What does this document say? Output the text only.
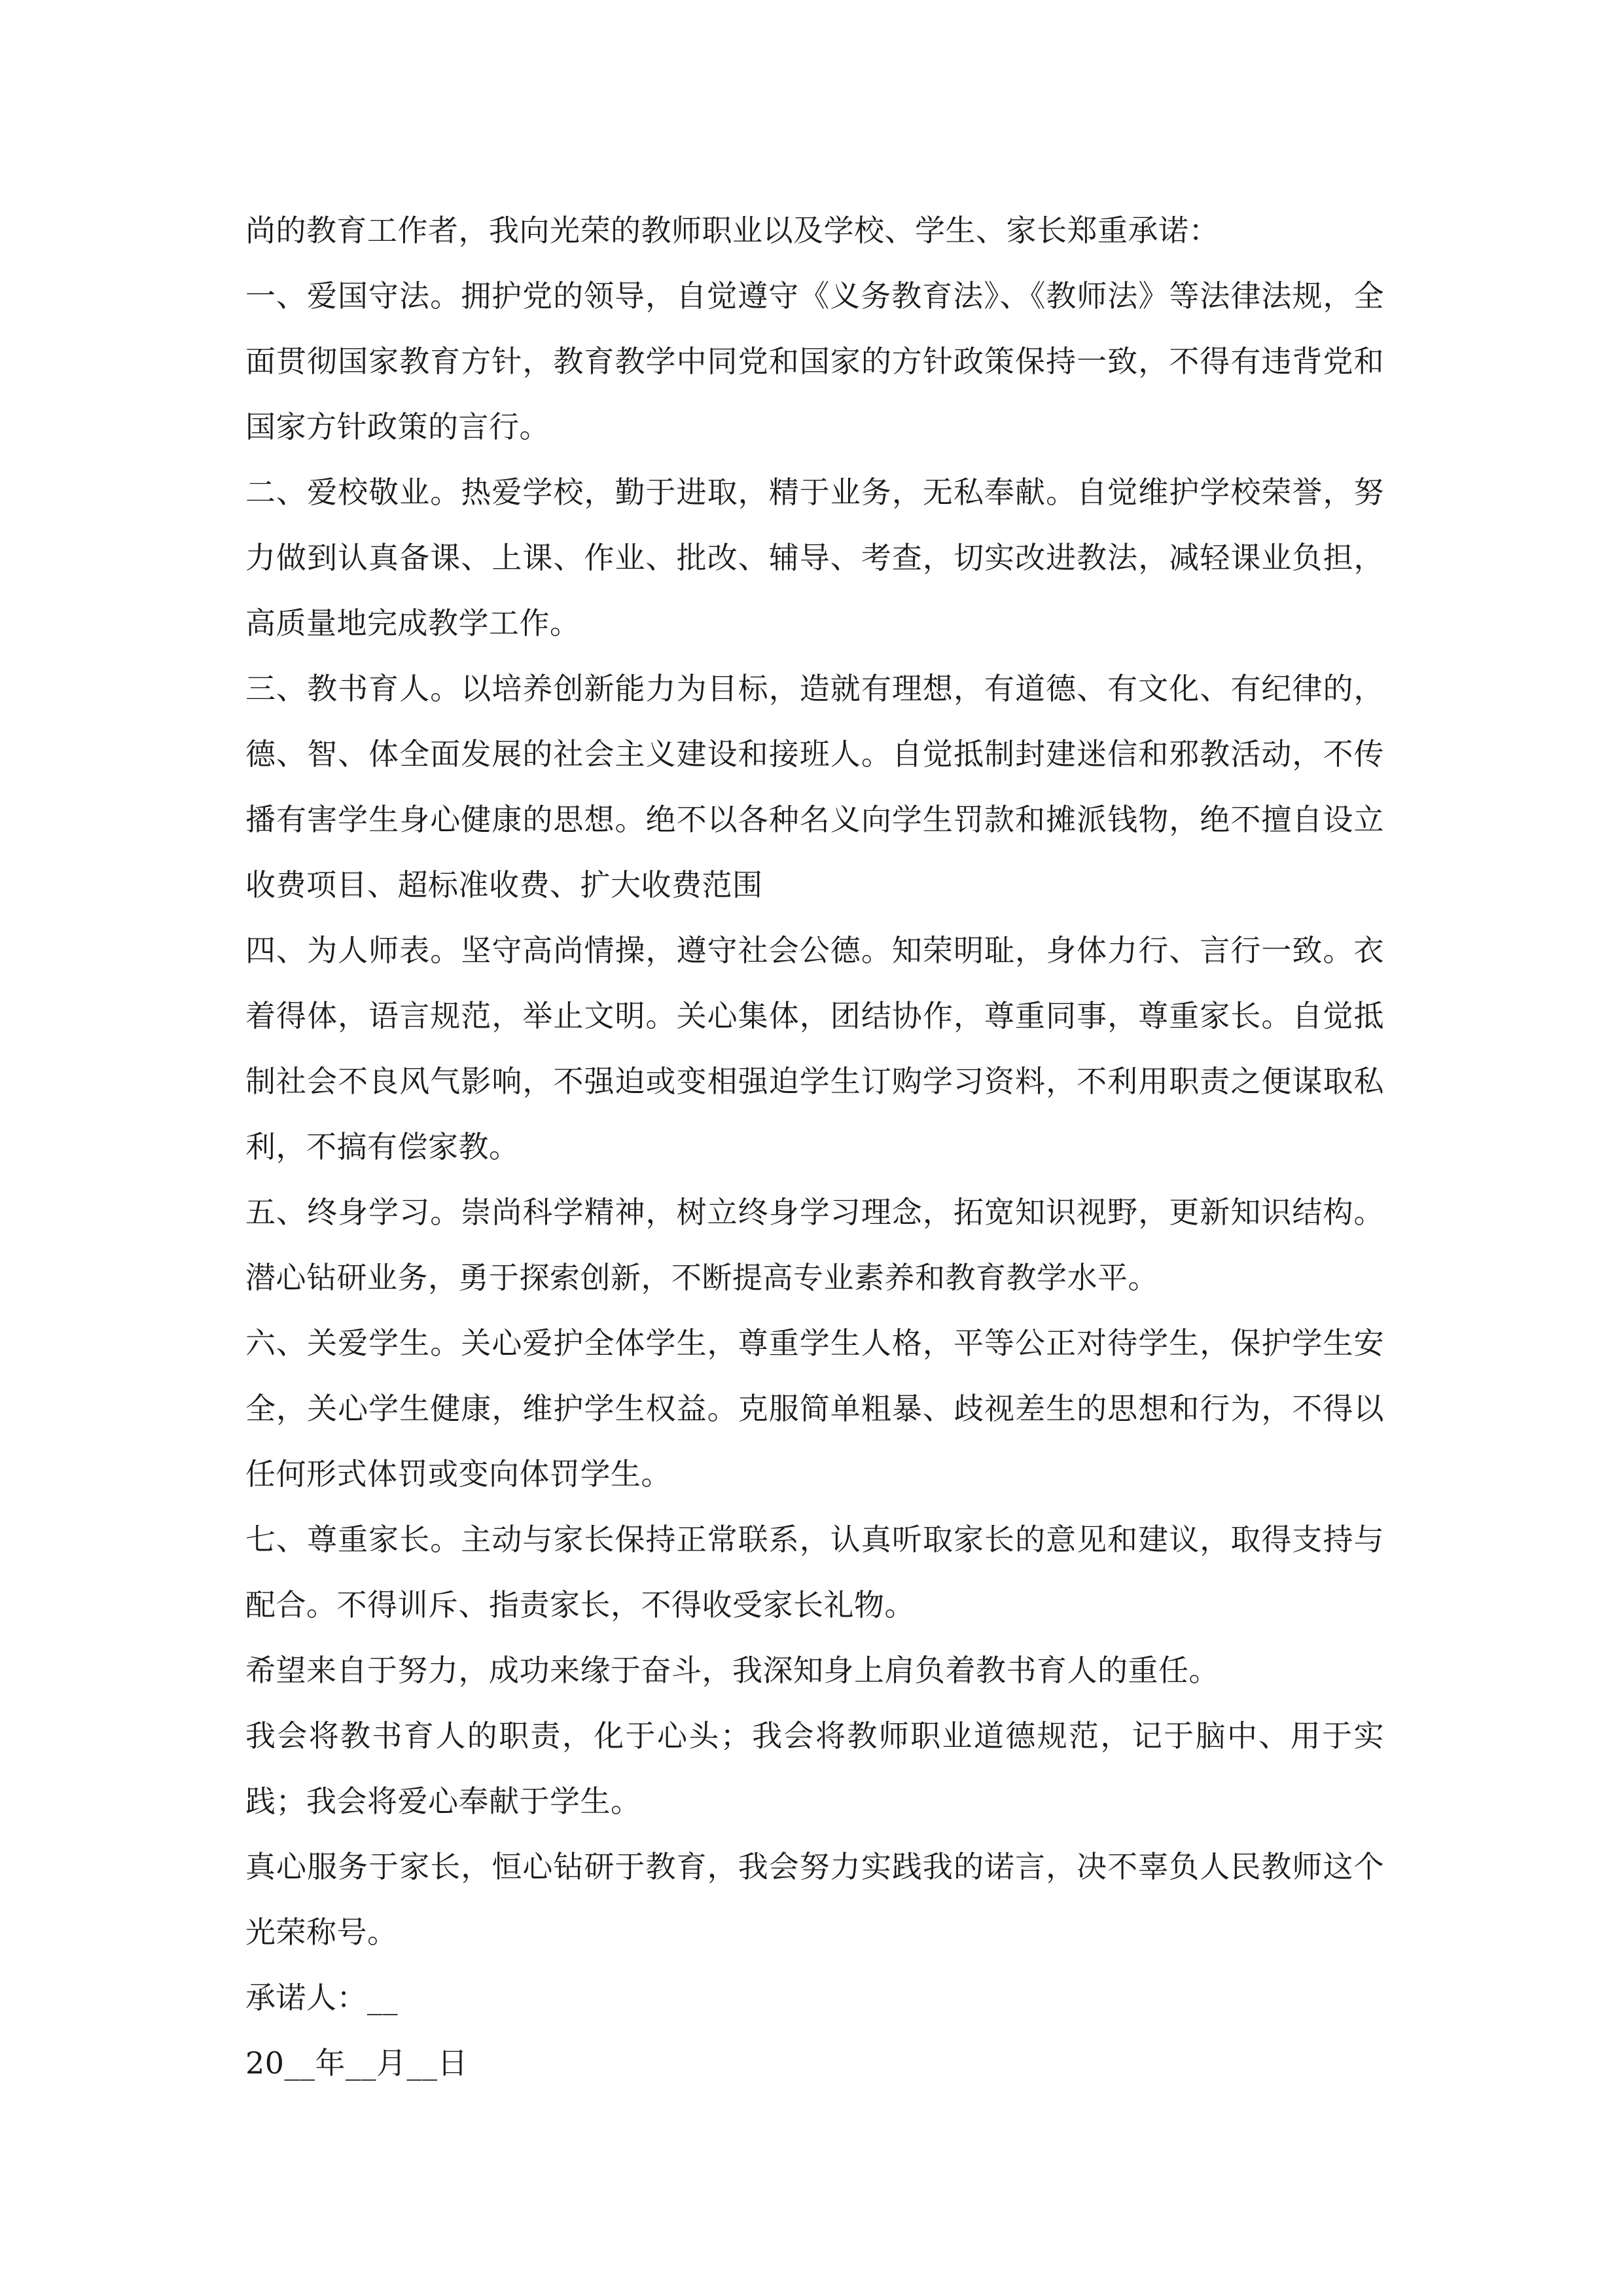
尚的教育工作者，我向光荣的教师职业以及学校、学生、家长郑重承诺：

一、爱国守法。拥护党的领导，自觉遵守《义务教育法》、《教师法》等法律法规，全面贯彻国家教育方针，教育教学中同党和国家的方针政策保持一致，不得有违背党和国家方针政策的言行。

二、爱校敬业。热爱学校，勤于进取，精于业务，无私奉献。自觉维护学校荣誉，努力做到认真备课、上课、作业、批改、辅导、考查，切实改进教法，减轻课业负担，高质量地完成教学工作。

三、教书育人。以培养创新能力为目标，造就有理想，有道德、有文化、有纪律的，德、智、体全面发展的社会主义建设和接班人。自觉抵制封建迷信和邪教活动，不传播有害学生身心健康的思想。绝不以各种名义向学生罚款和摊派钱物，绝不擅自设立收费项目、超标准收费、扩大收费范围

四、为人师表。坚守高尚情操，遵守社会公德。知荣明耻，身体力行、言行一致。衣着得体，语言规范，举止文明。关心集体，团结协作，尊重同事，尊重家长。自觉抵制社会不良风气影响，不强迫或变相强迫学生订购学习资料，不利用职责之便谋取私利，不搞有偿家教。

五、终身学习。崇尚科学精神，树立终身学习理念，拓宽知识视野，更新知识结构。潜心钻研业务，勇于探索创新，不断提高专业素养和教育教学水平。

六、关爱学生。关心爱护全体学生，尊重学生人格，平等公正对待学生，保护学生安全，关心学生健康，维护学生权益。克服简单粗暴、歧视差生的思想和行为，不得以任何形式体罚或变向体罚学生。

七、尊重家长。主动与家长保持正常联系，认真听取家长的意见和建议，取得支持与配合。不得训斥、指责家长，不得收受家长礼物。

希望来自于努力，成功来缘于奋斗，我深知身上肩负着教书育人的重任。

我会将教书育人的职责，化于心头；我会将教师职业道德规范，记于脑中、用于实践；我会将爱心奉献于学生。

真心服务于家长，恒心钻研于教育，我会努力实践我的诺言，决不辜负人民教师这个光荣称号。

承诺人：__

20__年__月__日
